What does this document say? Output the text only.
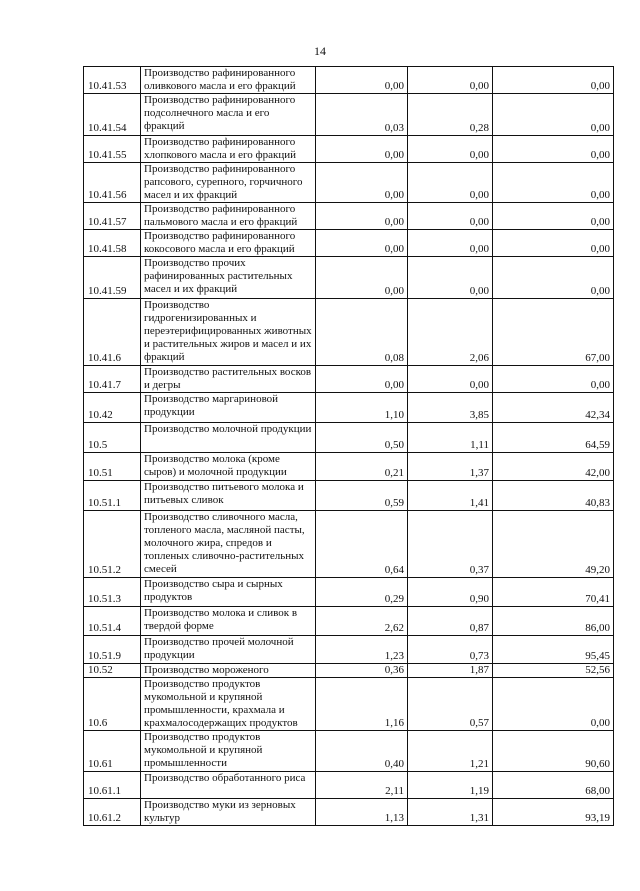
14
10.41.53	Производство рафинированного оливкового масла и его фракций	0,00	0,00	0,00
10.41.54	Производство рафинированного подсолнечного масла и его фракций	0,03	0,28	0,00
10.41.55	Производство рафинированного хлопкового масла и его фракций	0,00	0,00	0,00
10.41.56	Производство рафинированного рапсового, сурепного, горчичного масел и их фракций	0,00	0,00	0,00
10.41.57	Производство рафинированного пальмового масла и его фракций	0,00	0,00	0,00
10.41.58	Производство рафинированного кокосового масла и его фракций	0,00	0,00	0,00
10.41.59	Производство прочих рафинированных растительных масел и их фракций	0,00	0,00	0,00
10.41.6	Производство гидрогенизированных и переэтерифицированных животных и растительных жиров и масел и их фракций	0,08	2,06	67,00
10.41.7	Производство растительных восков и дегры	0,00	0,00	0,00
10.42	Производство маргариновой продукции	1,10	3,85	42,34
10.5	Производство молочной продукции	0,50	1,11	64,59
10.51	Производство молока (кроме сыров) и молочной продукции	0,21	1,37	42,00
10.51.1	Производство питьевого молока и питьевых сливок	0,59	1,41	40,83
10.51.2	Производство сливочного масла, топленого масла, масляной пасты, молочного жира, спредов и топленых сливочно-растительных смесей	0,64	0,37	49,20
10.51.3	Производство сыра и сырных продуктов	0,29	0,90	70,41
10.51.4	Производство молока и сливок в твердой форме	2,62	0,87	86,00
10.51.9	Производство прочей молочной продукции	1,23	0,73	95,45
10.52	Производство мороженого	0,36	1,87	52,56
10.6	Производство продуктов мукомольной и крупяной промышленности, крахмала и крахмалосодержащих продуктов	1,16	0,57	0,00
10.61	Производство продуктов мукомольной и крупяной промышленности	0,40	1,21	90,60
10.61.1	Производство обработанного риса	2,11	1,19	68,00
10.61.2	Производство муки из зерновых культур	1,13	1,31	93,19
